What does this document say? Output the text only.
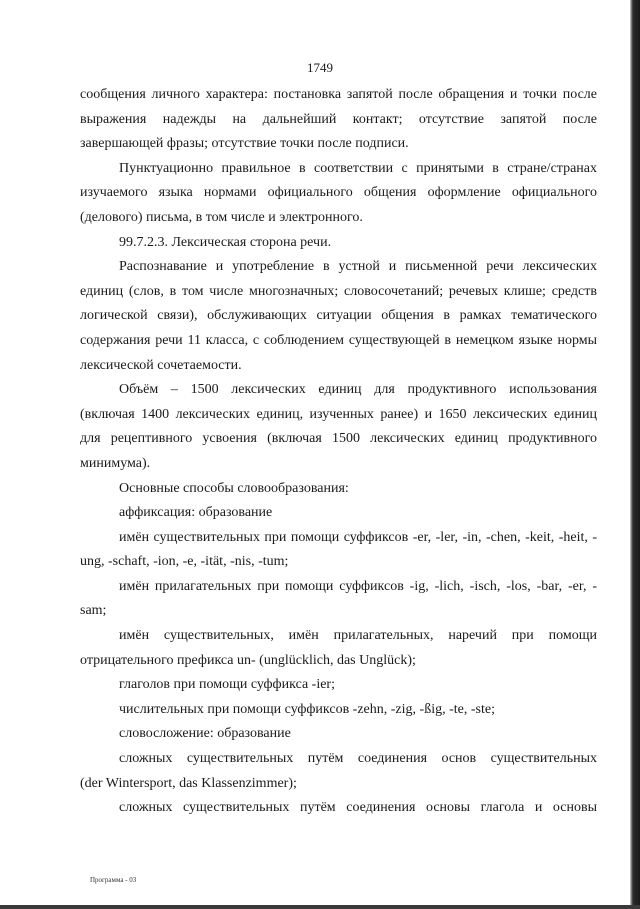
1749
сообщения личного характера: постановка запятой после обращения и точки после
выражения надежды на дальнейший контакт; отсутствие запятой после
завершающей фразы; отсутствие точки после подписи.
Пунктуационно правильное в соответствии с принятыми в стране/странах
изучаемого языка нормами официального общения оформление официального
(делового) письма, в том числе и электронного.
99.7.2.3. Лексическая сторона речи.
Распознавание и употребление в устной и письменной речи лексических
единиц (слов, в том числе многозначных; словосочетаний; речевых клише; средств
логической связи), обслуживающих ситуации общения в рамках тематического
содержания речи 11 класса, с соблюдением существующей в немецком языке нормы
лексической сочетаемости.
Объём – 1500 лексических единиц для продуктивного использования
(включая 1400 лексических единиц, изученных ранее) и 1650 лексических единиц
для рецептивного усвоения (включая 1500 лексических единиц продуктивного
минимума).
Основные способы словообразования:
аффиксация: образование
имён существительных при помощи суффиксов -er, -ler, -in, -chen, -keit, -heit, -
ung, -schaft, -ion, -e, -ität, -nis, -tum;
имён прилагательных при помощи суффиксов -ig, -lich, -isch, -los, -bar, -er, -
sam;
имён существительных, имён прилагательных, наречий при помощи
отрицательного префикса un- (unglücklich, das Unglück);
глаголов при помощи суффикса -ier;
числительных при помощи суффиксов -zehn, -zig, -ßig, -te, -ste;
словосложение: образование
сложных существительных путём соединения основ существительных
(der Wintersport, das Klassenzimmer);
сложных существительных путём соединения основы глагола и основы
Программа - 03
